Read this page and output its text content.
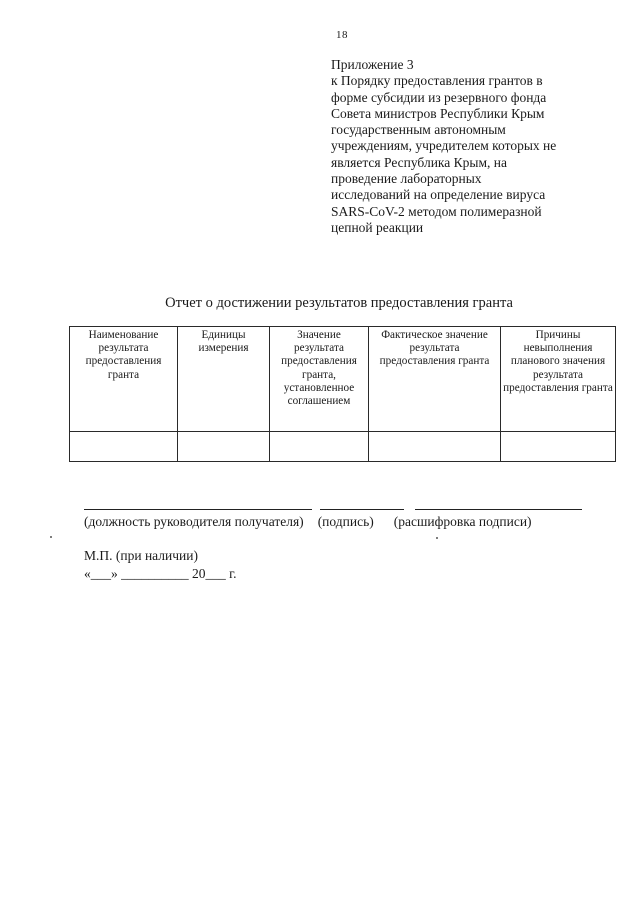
18
Приложение 3
к Порядку предоставления грантов в
форме субсидии из резервного фонда
Совета министров Республики Крым
государственным автономным
учреждениям, учредителем которых не
является Республика Крым, на
проведение лабораторных
исследований на определение вируса
SARS-CoV-2 методом полимеразной
цепной реакции
Отчет о достижении результатов предоставления гранта
Наименование результата предоставления гранта	Единицы измерения	Значение результата предоставления гранта, установленное соглашением	Фактическое значение результата предоставления гранта	Причины невыполнения планового значения результата предоставления гранта

(должность руководителя получателя) (подпись) (расшифровка подписи)
М.П. (при наличии)
«___» __________ 20___ г.
